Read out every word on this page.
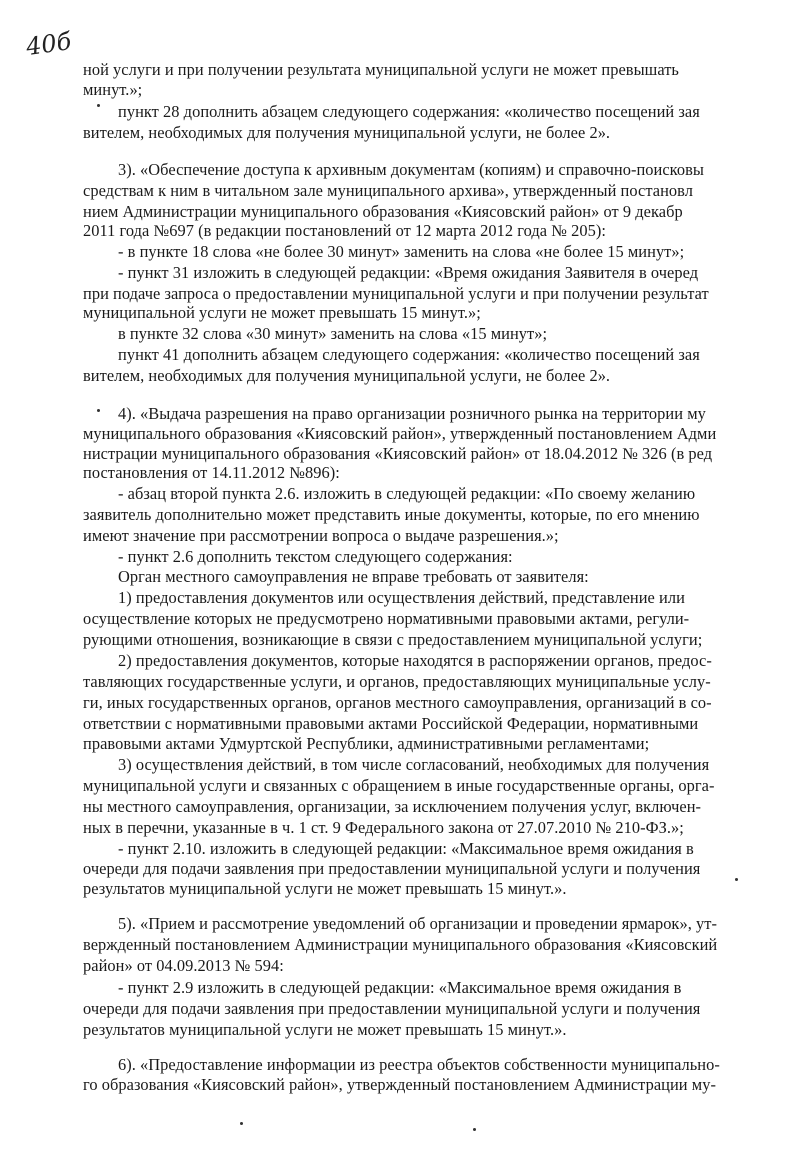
40б
ной услуги и при получении результата муниципальной услуги не может превышать
минут.»;
пункт 28 дополнить абзацем следующего содержания: «количество посещений зая
вителем, необходимых для получения муниципальной услуги, не более 2».
3). «Обеспечение доступа к архивным документам (копиям) и справочно-поисковы
средствам к ним в читальном зале муниципального архива», утвержденный постановл
нием Администрации муниципального образования «Киясовский район» от 9 декабр
2011 года №697 (в редакции постановлений от 12 марта 2012 года № 205):
- в пункте 18 слова «не более 30 минут» заменить на слова «не более 15 минут»;
- пункт 31 изложить в следующей редакции: «Время ожидания Заявителя в очеред
при подаче запроса о предоставлении муниципальной услуги и при получении результат
муниципальной услуги не может превышать 15 минут.»;
в пункте 32 слова «30 минут» заменить на слова «15 минут»;
пункт 41 дополнить абзацем следующего содержания: «количество посещений зая
вителем, необходимых для получения муниципальной услуги, не более 2».
4). «Выдача разрешения на право организации розничного рынка на территории му
муниципального образования «Киясовский район», утвержденный постановлением Адми
нистрации муниципального образования «Киясовский район» от 18.04.2012 № 326 (в ред
постановления от 14.11.2012 №896):
- абзац второй пункта 2.6. изложить в следующей редакции: «По своему желанию
заявитель дополнительно может представить иные документы, которые, по его мнению
имеют значение при рассмотрении вопроса о выдаче разрешения.»;
- пункт 2.6 дополнить текстом следующего содержания:
Орган местного самоуправления не вправе требовать от заявителя:
1) предоставления документов или осуществления действий, представление или
осуществление которых не предусмотрено нормативными правовыми актами, регули-
рующими отношения, возникающие в связи с предоставлением муниципальной услуги;
2) предоставления документов, которые находятся в распоряжении органов, предос-
тавляющих государственные услуги, и органов, предоставляющих муниципальные услу-
ги, иных государственных органов, органов местного самоуправления, организаций в со-
ответствии с нормативными правовыми актами Российской Федерации, нормативными
правовыми актами Удмуртской Республики, административными регламентами;
3) осуществления действий, в том числе согласований, необходимых для получения
муниципальной услуги и связанных с обращением в иные государственные органы, орга-
ны местного самоуправления, организации, за исключением получения услуг, включен-
ных в перечни, указанные в ч. 1 ст. 9 Федерального закона от 27.07.2010 № 210-ФЗ.»;
- пункт 2.10. изложить в следующей редакции: «Максимальное время ожидания в
очереди для подачи заявления при предоставлении муниципальной услуги и получения
результатов муниципальной услуги не может превышать 15 минут.».
5). «Прием и рассмотрение уведомлений об организации и проведении ярмарок», ут-
вержденный постановлением Администрации муниципального образования «Киясовский
район» от 04.09.2013 № 594:
- пункт 2.9 изложить в следующей редакции: «Максимальное время ожидания в
очереди для подачи заявления при предоставлении муниципальной услуги и получения
результатов муниципальной услуги не может превышать 15 минут.».
6). «Предоставление информации из реестра объектов собственности муниципально-
го образования «Киясовский район», утвержденный постановлением Администрации му-
